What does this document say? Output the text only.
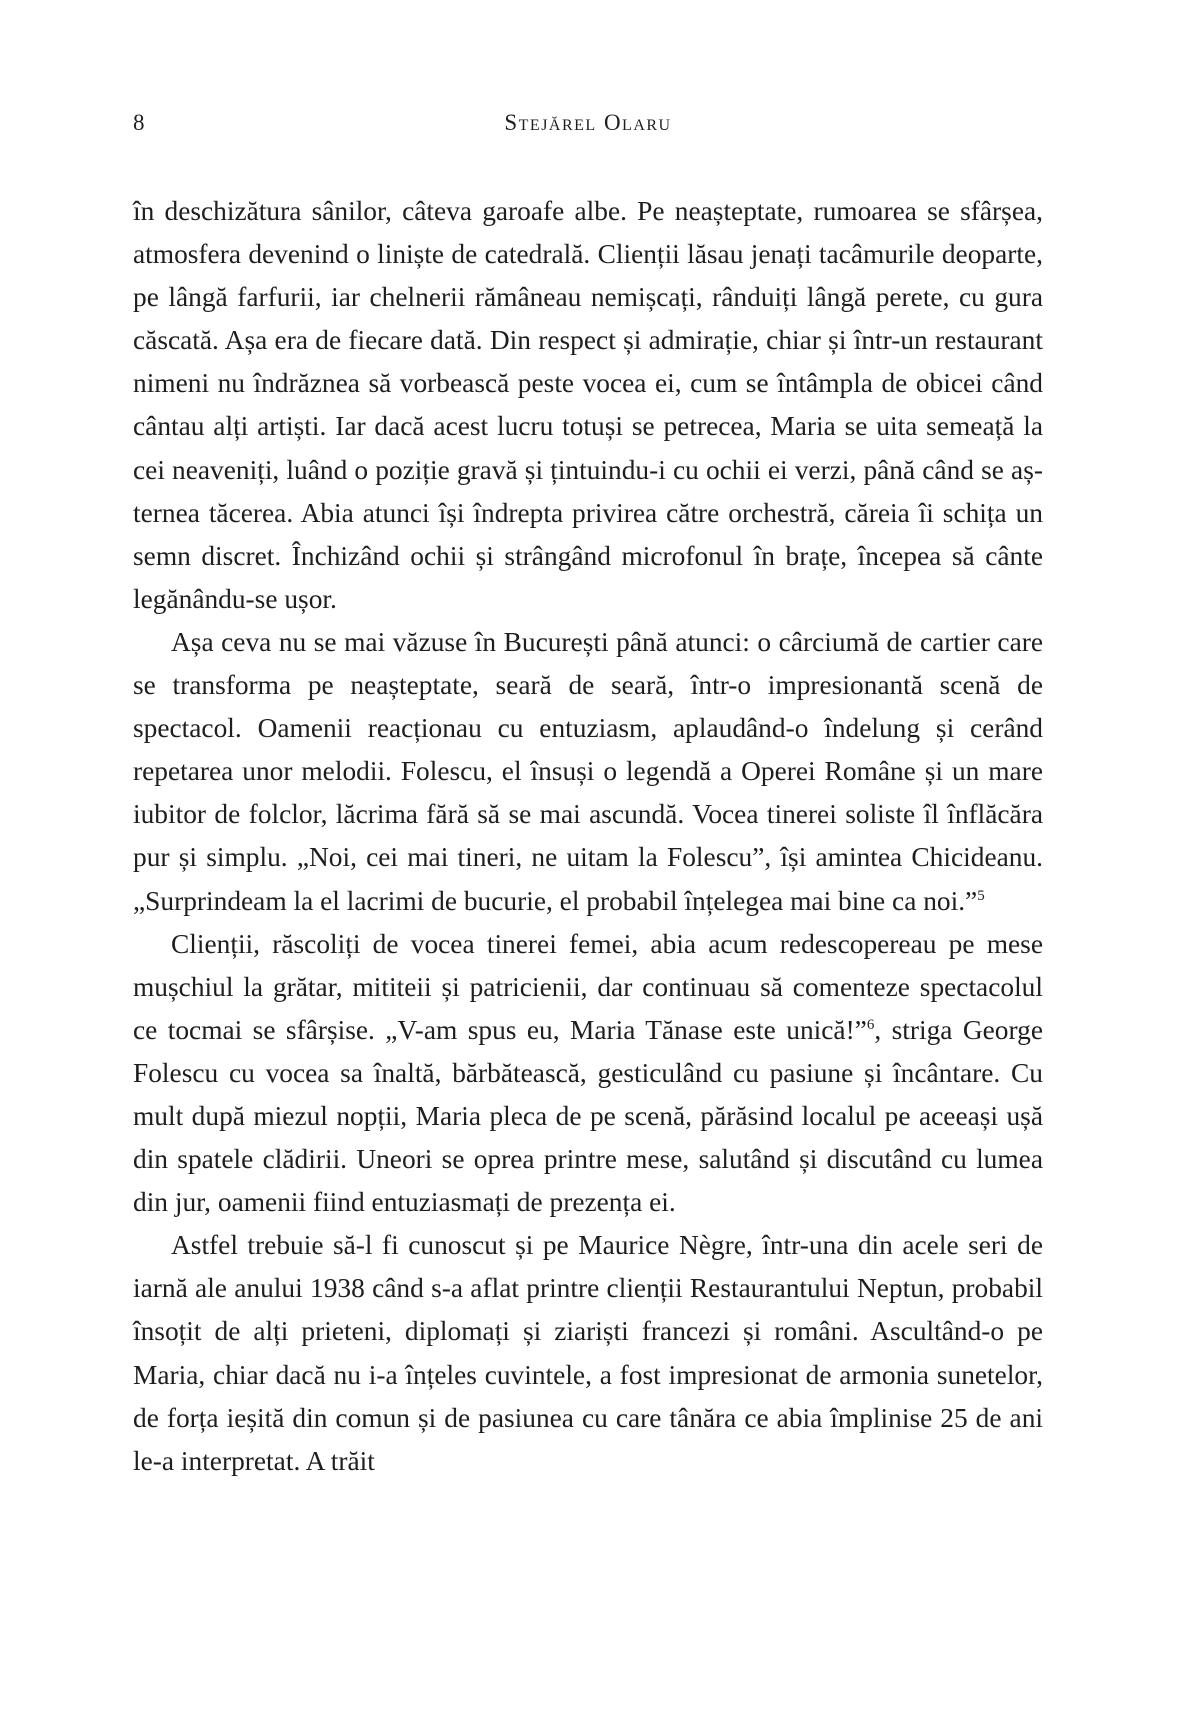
8	Stejărel Olaru

în deschizătura sânilor, câteva garoafe albe. Pe neașteptate, rumoarea se sfârșea, atmosfera devenind o liniște de catedrală. Clienții lăsau jenați tacâmurile deoparte, pe lângă farfurii, iar chelnerii rămâneau nemișcați, rânduiți lângă perete, cu gura căscată. Așa era de fiecare dată. Din respect și admirație, chiar și într-un restaurant nimeni nu îndrăznea să vorbească peste vocea ei, cum se întâmpla de obicei când cântau alți artiști. Iar dacă acest lucru totuși se petrecea, Maria se uita semeață la cei neaveniți, luând o poziție gravă și țintuindu-i cu ochii ei verzi, până când se așternea tăcerea. Abia atunci își îndrepta privirea către orchestră, căreia îi schița un semn discret. Închizând ochii și strângând microfonul în brațe, începea să cânte legănându-se ușor.

Așa ceva nu se mai văzuse în București până atunci: o cârciumă de cartier care se transforma pe neașteptate, seară de seară, într-o impresionantă scenă de spectacol. Oamenii reacționau cu entuziasm, aplaudând-o îndelung și cerând repetarea unor melodii. Folescu, el însuși o legendă a Operei Române și un mare iubitor de folclor, lăcrima fără să se mai ascundă. Vocea tinerei soliste îl înflăcăra pur și simplu. „Noi, cei mai tineri, ne uitam la Folescu”, își amintea Chicideanu. „Surprindeam la el lacrimi de bucurie, el probabil înțelegea mai bine ca noi.”$^5$

Clienții, răscoliți de vocea tinerei femei, abia acum redescopereau pe mese mușchiul la grătar, mititeii și patricienii, dar continuau să comenteze spectacolul ce tocmai se sfârșise. „V-am spus eu, Maria Tănase este unică!”$^6$, striga George Folescu cu vocea sa înaltă, bărbătească, gesticulând cu pasiune și încântare. Cu mult după miezul nopții, Maria pleca de pe scenă, părăsind localul pe aceeași ușă din spatele clădirii. Uneori se oprea printre mese, salutând și discutând cu lumea din jur, oamenii fiind entuziasmați de prezența ei.

Astfel trebuie să-l fi cunoscut și pe Maurice Nègre, într-una din acele seri de iarnă ale anului 1938 când s-a aflat printre clienții Restaurantului Neptun, probabil însoțit de alți prieteni, diplomați și ziariști francezi și români. Ascultând-o pe Maria, chiar dacă nu i-a înțeles cuvintele, a fost impresionat de armonia sunetelor, de forța ieșită din comun și de pasiunea cu care tânăra ce abia împlinise 25 de ani le-a interpretat. A trăit
